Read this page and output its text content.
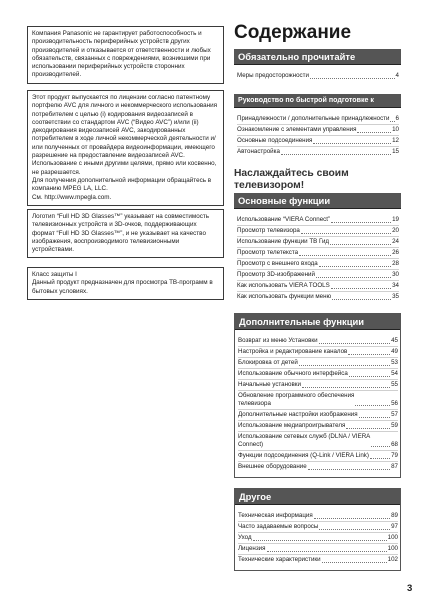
Компания Panasonic не гарантирует работоспособность и производительность периферийных устройств других производителей и отказывается от ответственности и любых обязательств, связанных с повреждениями, возникшими при использовании периферийных устройств сторонних производителей.

Этот продукт выпускается по лицензии согласно патентному портфелю AVC для личного и некоммерческого использования потребителем с целью (i) кодирования видеозаписей в соответствии со стандартом AVC (“Видео AVC”) и/или (ii) декодирования видеозаписей AVC, закодированных потребителем в ходе личной некоммерческой деятельности и/или полученных от провайдера видеоинформации, имеющего разрешение на предоставление видеозаписей AVC. Использование с иными другими целями, прямо или косвенно, не разрешается.
Для получения дополнительной информации обращайтесь в компанию MPEG LA, LLC.
См. http://www.mpegla.com.

Логотип “Full HD 3D Glasses™” указывает на совместимость телевизионных устройств и 3D-очков, поддерживающих формат “Full HD 3D Glasses™”, и не указывает на качество изображения, воспроизводимого телевизионными устройствами.

Класс защиты I
Данный продукт предназначен для просмотра ТВ-программ в бытовых условиях.

Содержание
Обязательно прочитайте
Меры предосторожности	4
Руководство по быстрой подготовке к эксплуатации
Принадлежности / дополнительные принадлежности 6
Ознакомление с элементами управления	10
Основные подсоединения	12
Автонастройка	15
Наслаждайтесь своим телевизором!
Основные функции
Использование “VIERA Connect”	19
Просмотр телевизора	20
Использование функции ТВ Гид	24
Просмотр телетекста	26
Просмотр с внешнего входа	28
Просмотр 3D-изображений	30
Как использовать VIERA TOOLS	34
Как использовать функции меню	35
Дополнительные функции
Возврат из меню Установки	45
Настройка и редактирование каналов	49
Блокировка от детей	53
Использование обычного интерфейса	54
Начальные установки	55
Обновление программного обеспечения
телевизора	56
Дополнительные настройки изображения	57
Использование медиапроигрывателя	59
Использование сетевых служб (DLNA / VIERA
Connect)	68
Функции подсоединения (Q-Link / VIERA Link)	79
Внешнее оборудование	87
Другое
Техническая информация	89
Часто задаваемые вопросы	97
Уход	100
Лицензия	100
Технические характеристики	102
3
